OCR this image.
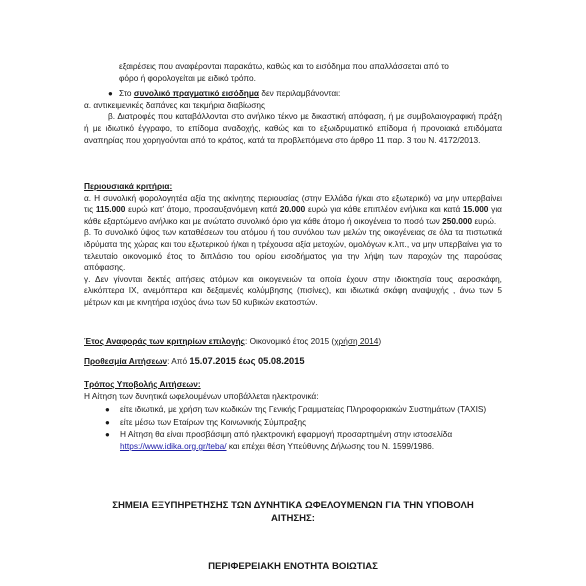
εξαιρέσεις που αναφέρονται παρακάτω, καθώς και το εισόδημα που απαλλάσσεται από το

φόρο ή φορολογείται με ειδικό τρόπο.

● Στο συνολικό πραγματικό εισόδημα δεν περιλαμβάνονται:

α. αντικειμενικές δαπάνες και τεκμήρια διαβίωσης

β. Διατροφές που καταβάλλονται στο ανήλικο τέκνο με δικαστική απόφαση, ή με συμβολαιογραφική πράξη ή με ιδιωτικό έγγραφο, το επίδομα αναδοχής, καθώς και το εξωιδρυματικό επίδομα ή προνοιακά επιδόματα αναπηρίας που χορηγούνται από το κράτος, κατά τα προβλεπόμενα στο άρθρο 11 παρ. 3 του Ν. 4172/2013.

Περιουσιακά κριτήρια:

α. Η συνολική φορολογητέα αξία της ακίνητης περιουσίας (στην Ελλάδα ή/και στο εξωτερικό) να μην υπερβαίνει τις 115.000 ευρώ κατ’ άτομο, προσαυξανόμενη κατά 20.000 ευρώ για κάθε επιπλέον ενήλικα και κατά 15.000 για κάθε εξαρτώμενο ανήλικο και με ανώτατο συνολικό όριο για κάθε άτομο ή οικογένεια το ποσό των 250.000 ευρώ.

β. Το συνολικό ύψος των καταθέσεων του ατόμου ή του συνόλου των μελών της οικογένειας σε όλα τα πιστωτικά ιδρύματα της χώρας και του εξωτερικού ή/και η τρέχουσα αξία μετοχών, ομολόγων κ.λπ., να μην υπερβαίνει για το τελευταίο οικονομικό έτος το διπλάσιο του ορίου εισοδήματος για την λήψη των παροχών της παρούσας απόφασης.

γ. Δεν γίνονται δεκτές αιτήσεις ατόμων και οικογενειών τα οποία έχουν στην ιδιοκτησία τους αεροσκάφη, ελικόπτερα ΙΧ, ανεμόπτερα και δεξαμενές κολύμβησης (πισίνες), και ιδιωτικά σκάφη αναψυχής , άνω των 5 μέτρων και με κινητήρα ισχύος άνω των 50 κυβικών εκατοστών.

Έτος Αναφοράς των κριτηρίων επιλογής: Οικονομικό έτος 2015 (χρήση 2014)

Προθεσμία Αιτήσεων: Από 15.07.2015 έως 05.08.2015

Τρόπος Υποβολής Αιτήσεων:

Η Αίτηση των δυνητικά ωφελουμένων υποβάλλεται ηλεκτρονικά:

● είτε ιδιωτικά, με χρήση των κωδικών της Γενικής Γραμματείας Πληροφοριακών Συστημάτων (TAXIS)
● είτε μέσω των Εταίρων της Κοινωνικής Σύμπραξης
● Η Αίτηση θα είναι προσβάσιμη από ηλεκτρονική εφαρμογή προσαρτημένη στην ιστοσελίδα
https://www.idika.org.gr/teba/ και επέχει θέση Υπεύθυνης Δήλωσης του Ν. 1599/1986.

ΣΗΜΕΙΑ ΕΞΥΠΗΡΕΤΗΣΗΣ ΤΩΝ ΔΥΝΗΤΙΚΑ ΩΦΕΛΟΥΜΕΝΩΝ ΓΙΑ ΤΗΝ ΥΠΟΒΟΛΗ

ΑΙΤΗΣΗΣ:

ΠΕΡΙΦΕΡΕΙΑΚΗ ΕΝΟΤΗΤΑ ΒΟΙΩΤΙΑΣ
